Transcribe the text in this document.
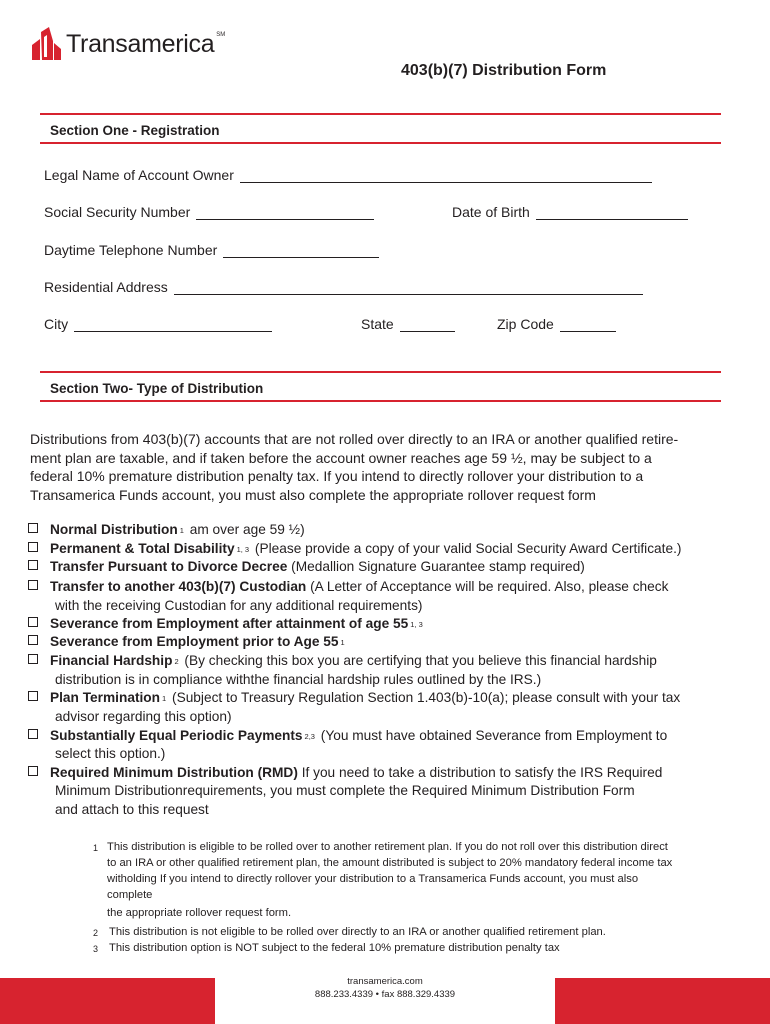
Transamerica SM
403(b)(7) Distribution Form
Section One - Registration
Legal Name of Account Owner
Social Security Number	Date of Birth
Daytime Telephone Number
Residential Address
City	State	Zip Code
Section Two- Type of Distribution
Distributions from 403(b)(7) accounts that are not rolled over directly to an IRA or another qualified retire-
ment plan are taxable, and if taken before the account owner reaches age 59 ½, may be subject to a
federal 10% premature distribution penalty tax. If you intend to directly rollover your distribution to a
Transamerica Funds account, you must also complete the appropriate rollover request form
Normal Distribution 1 am over age 59 ½)
Permanent & Total Disability 1, 3 (Please provide a copy of your valid Social Security Award Certificate.)
Transfer Pursuant to Divorce Decree (Medallion Signature Guarantee stamp required)
Transfer to another 403(b)(7) Custodian (A Letter of Acceptance will be required. Also, please check
with the receiving Custodian for any additional requirements)
Severance from Employment after attainment of age 55 1, 3
Severance from Employment prior to Age 55 1
Financial Hardship 2 (By checking this box you are certifying that you believe this financial hardship
distribution is in compliance withthe financial hardship rules outlined by the IRS.)
Plan Termination 1 (Subject to Treasury Regulation Section 1.403(b)-10(a); please consult with your tax
advisor regarding this option)
Substantially Equal Periodic Payments 2,3 (You must have obtained Severance from Employment to
select this option.)
Required Minimum Distribution (RMD) If you need to take a distribution to satisfy the IRS Required
Minimum Distributionrequirements, you must complete the Required Minimum Distribution Form
and attach to this request
1 This distribution is eligible to be rolled over to another retirement plan. If you do not roll over this distribution direct
to an IRA or other qualified retirement plan, the amount distributed is subject to 20% mandatory federal income tax
witholding If you intend to directly rollover your distribution to a Transamerica Funds account, you must also
complete
the appropriate rollover request form.
2 This distribution is not eligible to be rolled over directly to an IRA or another qualified retirement plan.
3 This distribution option is NOT subject to the federal 10% premature distribution penalty tax
transamerica.com
888.233.4339 • fax 888.329.4339
